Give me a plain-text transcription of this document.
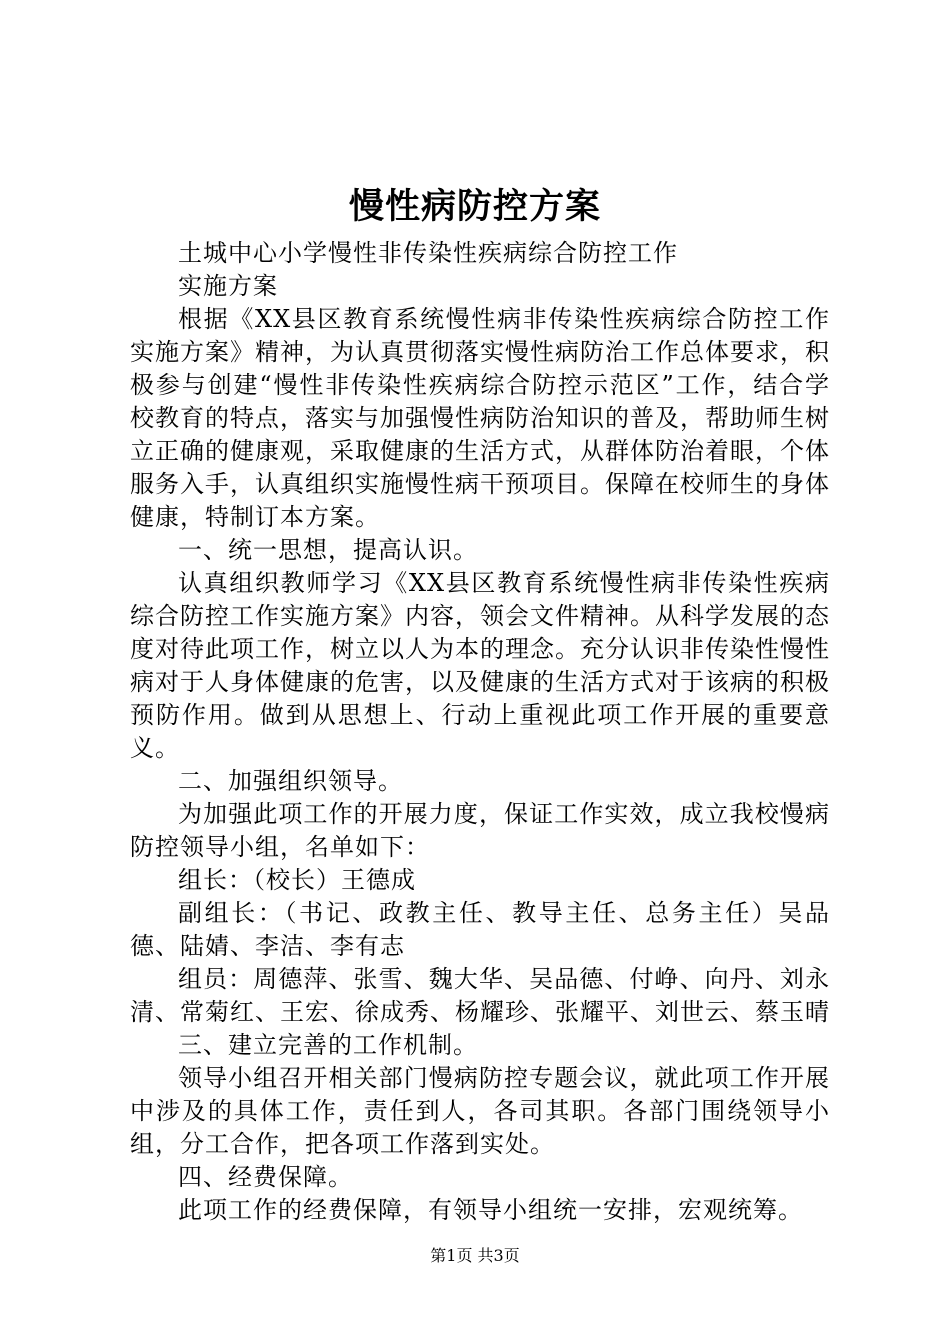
慢性病防控方案

土城中心小学慢性非传染性疾病综合防控工作

实施方案

根据《XX县区教育系统慢性病非传染性疾病综合防控工作实施方案》精神，为认真贯彻落实慢性病防治工作总体要求，积极参与创建“慢性非传染性疾病综合防控示范区”工作，结合学校教育的特点，落实与加强慢性病防治知识的普及，帮助师生树立正确的健康观，采取健康的生活方式，从群体防治着眼，个体服务入手，认真组织实施慢性病干预项目。保障在校师生的身体健康，特制订本方案。

一、统一思想，提高认识。

认真组织教师学习《XX县区教育系统慢性病非传染性疾病综合防控工作实施方案》内容，领会文件精神。从科学发展的态度对待此项工作，树立以人为本的理念。充分认识非传染性慢性病对于人身体健康的危害，以及健康的生活方式对于该病的积极预防作用。做到从思想上、行动上重视此项工作开展的重要意义。

二、加强组织领导。

为加强此项工作的开展力度，保证工作实效，成立我校慢病防控领导小组，名单如下：

组长：（校长）王德成

副组长：（书记、政教主任、教导主任、总务主任）吴品德、陆婧、李洁、李有志

组员：周德萍、张雪、魏大华、吴品德、付峥、向丹、刘永清、常菊红、王宏、徐成秀、杨耀珍、张耀平、刘世云、蔡玉晴

三、建立完善的工作机制。

领导小组召开相关部门慢病防控专题会议，就此项工作开展中涉及的具体工作，责任到人，各司其职。各部门围绕领导小组，分工合作，把各项工作落到实处。

四、经费保障。

此项工作的经费保障，有领导小组统一安排，宏观统筹。

第1页 共3页
